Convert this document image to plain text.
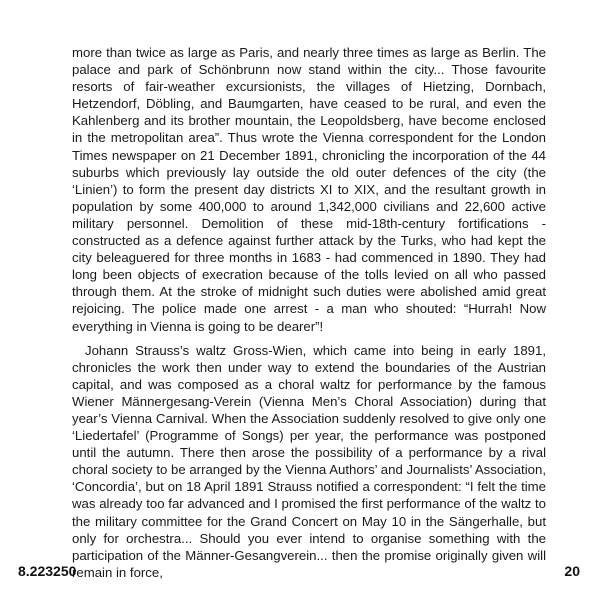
more than twice as large as Paris, and nearly three times as large as Berlin. The palace and park of Schönbrunn now stand within the city... Those favourite resorts of fair-weather excursionists, the villages of Hietzing, Dornbach, Hetzendorf, Döbling, and Baumgarten, have ceased to be rural, and even the Kahlenberg and its brother mountain, the Leopoldsberg, have become enclosed in the metropolitan area”. Thus wrote the Vienna correspondent for the London Times newspaper on 21 December 1891, chronicling the incorporation of the 44 suburbs which previously lay outside the old outer defences of the city (the ‘Linien’) to form the present day districts XI to XIX, and the resultant growth in population by some 400,000 to around 1,342,000 civilians and 22,600 active military personnel. Demolition of these mid-18th-century fortifications - constructed as a defence against further attack by the Turks, who had kept the city beleaguered for three months in 1683 - had commenced in 1890. They had long been objects of execration because of the tolls levied on all who passed through them. At the stroke of midnight such duties were abolished amid great rejoicing. The police made one arrest - a man who shouted: “Hurrah! Now everything in Vienna is going to be dearer”!

Johann Strauss’s waltz Gross-Wien, which came into being in early 1891, chronicles the work then under way to extend the boundaries of the Austrian capital, and was composed as a choral waltz for performance by the famous Wiener Männergesang-Verein (Vienna Men’s Choral Association) during that year’s Vienna Carnival. When the Association suddenly resolved to give only one ‘Liedertafel’ (Programme of Songs) per year, the performance was postponed until the autumn. There then arose the possibility of a performance by a rival choral society to be arranged by the Vienna Authors’ and Journalists’ Association, ‘Concordia’, but on 18 April 1891 Strauss notified a correspondent: “I felt the time was already too far advanced and I promised the first performance of the waltz to the military committee for the Grand Concert on May 10 in the Sängerhalle, but only for orchestra... Should you ever intend to organise something with the participation of the Männer-Gesangverein... then the promise originally given will remain in force,

8.223250	20
